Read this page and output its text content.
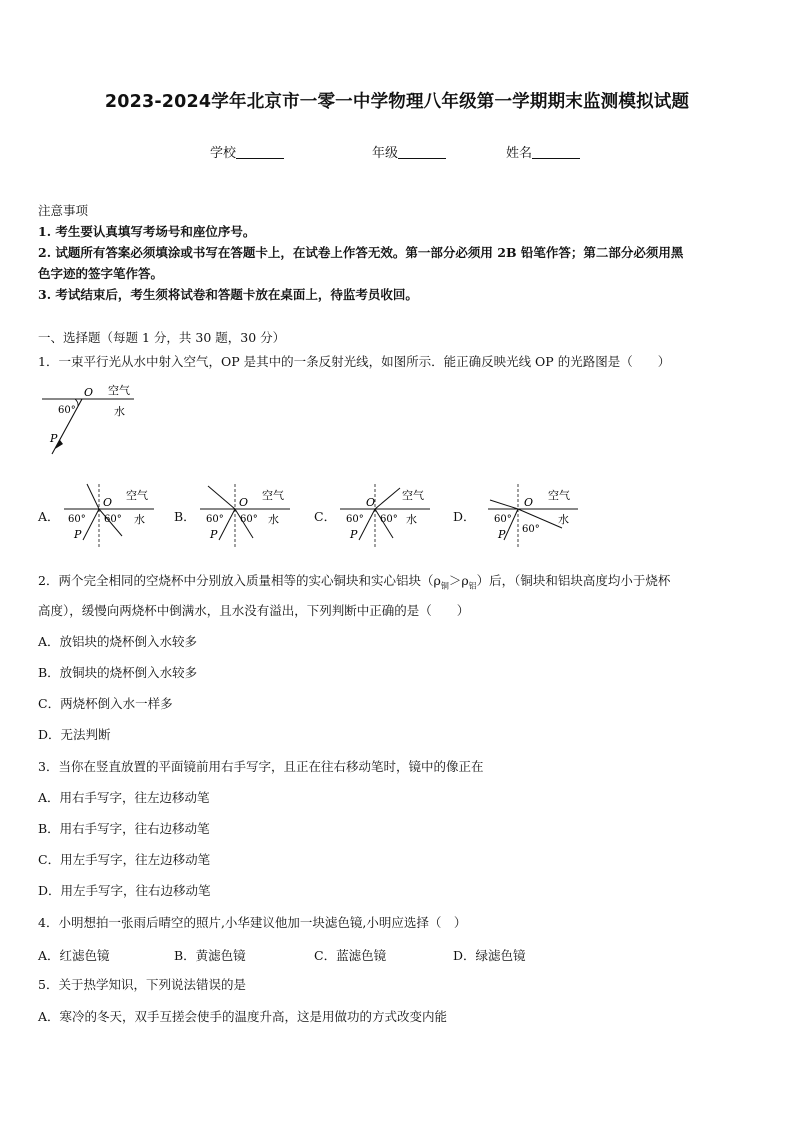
2023-2024学年北京市一零一中学物理八年级第一学期期末监测模拟试题
学校	年级	姓名
注意事项
1. 考生要认真填写考场号和座位序号。
2. 试题所有答案必须填涂或书写在答题卡上，在试卷上作答无效。第一部分必须用 2B 铅笔作答；第二部分必须用黑
色字迹的签字笔作答。
3. 考试结束后，考生须将试卷和答题卡放在桌面上，待监考员收回。
一、选择题（每题 1 分，共 30 题，30 分）
1．一束平行光从水中射入空气，OP 是其中的一条反射光线，如图所示．能正确反映光线 OP 的光路图是（　　）
O 空气
水
60°
P
A．
O
空气
水
60° 60°
P
B．
O
空气
水
60° 60°
P
C．
O
空气
水
60° 60°
P
D．
O
空气
水
60°
60°
P
2．两个完全相同的空烧杯中分别放入质量相等的实心铜块和实心铝块$(\rho_铜>\rho_铝)$后，（铜块和铝块高度均小于烧杯
高度），缓慢向两烧杯中倒满水，且水没有溢出，下列判断中正确的是（　　）
A．放铝块的烧杯倒入水较多
B．放铜块的烧杯倒入水较多
C．两烧杯倒入水一样多
D．无法判断
3．当你在竖直放置的平面镜前用右手写字，且正在往右移动笔时，镜中的像正在
A．用右手写字，往左边移动笔
B．用右手写字，往右边移动笔
C．用左手写字，往左边移动笔
D．用左手写字，往右边移动笔
4．小明想拍一张雨后晴空的照片,小华建议他加一块滤色镜,小明应选择（　）
A．红滤色镜	B．黄滤色镜	C．蓝滤色镜	D．绿滤色镜
5．关于热学知识，下列说法错误的是
A．寒冷的冬天，双手互搓会使手的温度升高，这是用做功的方式改变内能
